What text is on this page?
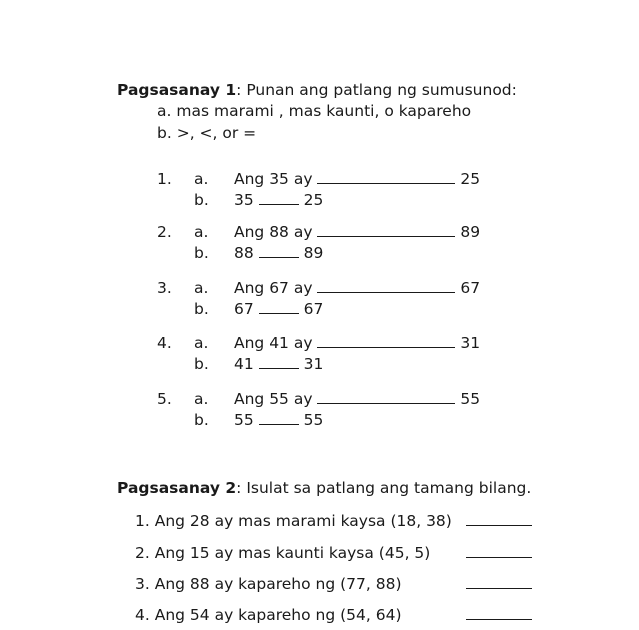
Pagsasanay 1: Punan ang patlang ng sumusunod:
a. mas marami , mas kaunti, o kapareho
b. >, <, or =
1. a. Ang 35 ay	25
b. 35	25
2. a. Ang 88 ay	89
b. 88	89
3. a. Ang 67 ay	67
b. 67	67
4. a. Ang 41 ay	31
b. 41	31
5. a. Ang 55 ay	55
b. 55	55
Pagsasanay 2: Isulat sa patlang ang tamang bilang.
1. Ang 28 ay mas marami kaysa (18, 38)
2. Ang 15 ay mas kaunti kaysa (45, 5)
3. Ang 88 ay kapareho ng (77, 88)
4. Ang 54 ay kapareho ng (54, 64)
